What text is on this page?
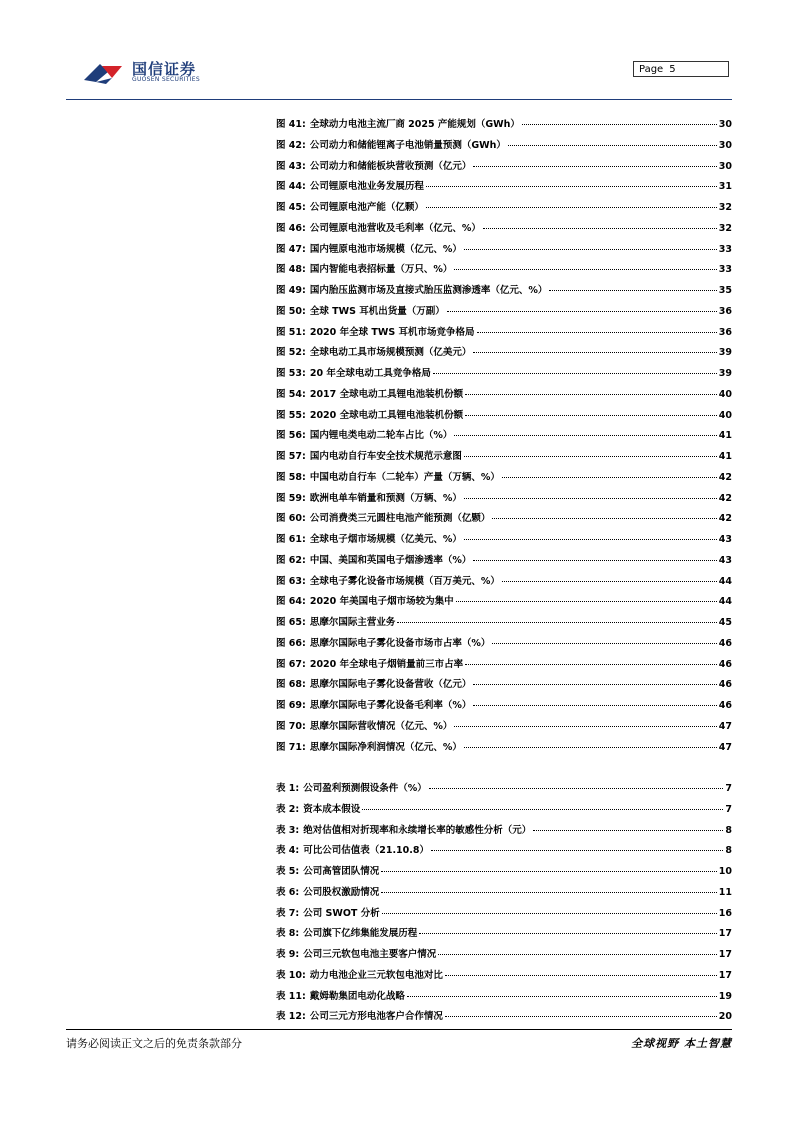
国信证券
GUOSEN SECURITIES
Page 5
图 41: 全球动力电池主流厂商 2025 产能规划（GWh）	30
图 42: 公司动力和储能锂离子电池销量预测（GWh）	30
图 43: 公司动力和储能板块营收预测（亿元）	30
图 44: 公司锂原电池业务发展历程	31
图 45: 公司锂原电池产能（亿颗）	32
图 46: 公司锂原电池营收及毛利率（亿元、%）	32
图 47: 国内锂原电池市场规模（亿元、%）	33
图 48: 国内智能电表招标量（万只、%）	33
图 49: 国内胎压监测市场及直接式胎压监测渗透率（亿元、%）	35
图 50: 全球 TWS 耳机出货量（万副）	36
图 51: 2020 年全球 TWS 耳机市场竞争格局	36
图 52: 全球电动工具市场规模预测（亿美元）	39
图 53: 20 年全球电动工具竞争格局	39
图 54: 2017 全球电动工具锂电池装机份额	40
图 55: 2020 全球电动工具锂电池装机份额	40
图 56: 国内锂电类电动二轮车占比（%）	41
图 57: 国内电动自行车安全技术规范示意图	41
图 58: 中国电动自行车（二轮车）产量（万辆、%）	42
图 59: 欧洲电单车销量和预测（万辆、%）	42
图 60: 公司消费类三元圆柱电池产能预测（亿颗）	42
图 61: 全球电子烟市场规模（亿美元、%）	43
图 62: 中国、美国和英国电子烟渗透率（%）	43
图 63: 全球电子雾化设备市场规模（百万美元、%）	44
图 64: 2020 年美国电子烟市场较为集中	44
图 65: 思摩尔国际主营业务	45
图 66: 思摩尔国际电子雾化设备市场市占率（%）	46
图 67: 2020 年全球电子烟销量前三市占率	46
图 68: 思摩尔国际电子雾化设备营收（亿元）	46
图 69: 思摩尔国际电子雾化设备毛利率（%）	46
图 70: 思摩尔国际营收情况（亿元、%）	47
图 71: 思摩尔国际净利润情况（亿元、%）	47
表 1: 公司盈利预测假设条件（%）	7
表 2: 资本成本假设	7
表 3: 绝对估值相对折现率和永续增长率的敏感性分析（元）	8
表 4: 可比公司估值表（21.10.8）	8
表 5: 公司高管团队情况	10
表 6: 公司股权激励情况	11
表 7: 公司 SWOT 分析	16
表 8: 公司旗下亿纬集能发展历程	17
表 9: 公司三元软包电池主要客户情况	17
表 10: 动力电池企业三元软包电池对比	17
表 11: 戴姆勒集团电动化战略	19
表 12: 公司三元方形电池客户合作情况	20
请务必阅读正文之后的免责条款部分	全球视野 本土智慧
